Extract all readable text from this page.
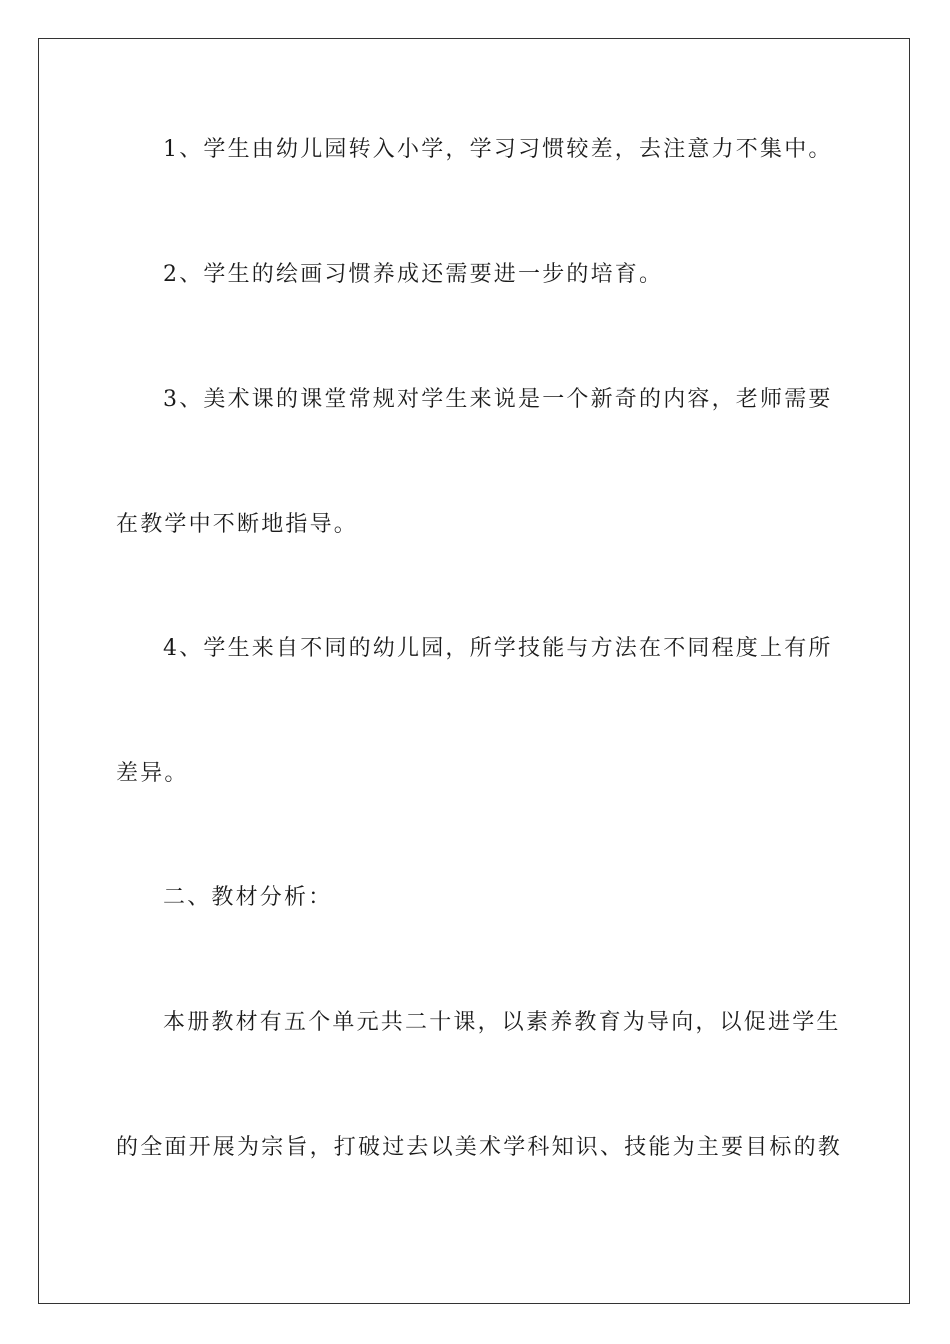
1、学生由幼儿园转入小学，学习习惯较差，去注意力不集中。
2、学生的绘画习惯养成还需要进一步的培育。
3、美术课的课堂常规对学生来说是一个新奇的内容，老师需要
在教学中不断地指导。
4、学生来自不同的幼儿园，所学技能与方法在不同程度上有所
差异。
二、教材分析：
本册教材有五个单元共二十课，以素养教育为导向，以促进学生
的全面开展为宗旨，打破过去以美术学科知识、技能为主要目标的教
